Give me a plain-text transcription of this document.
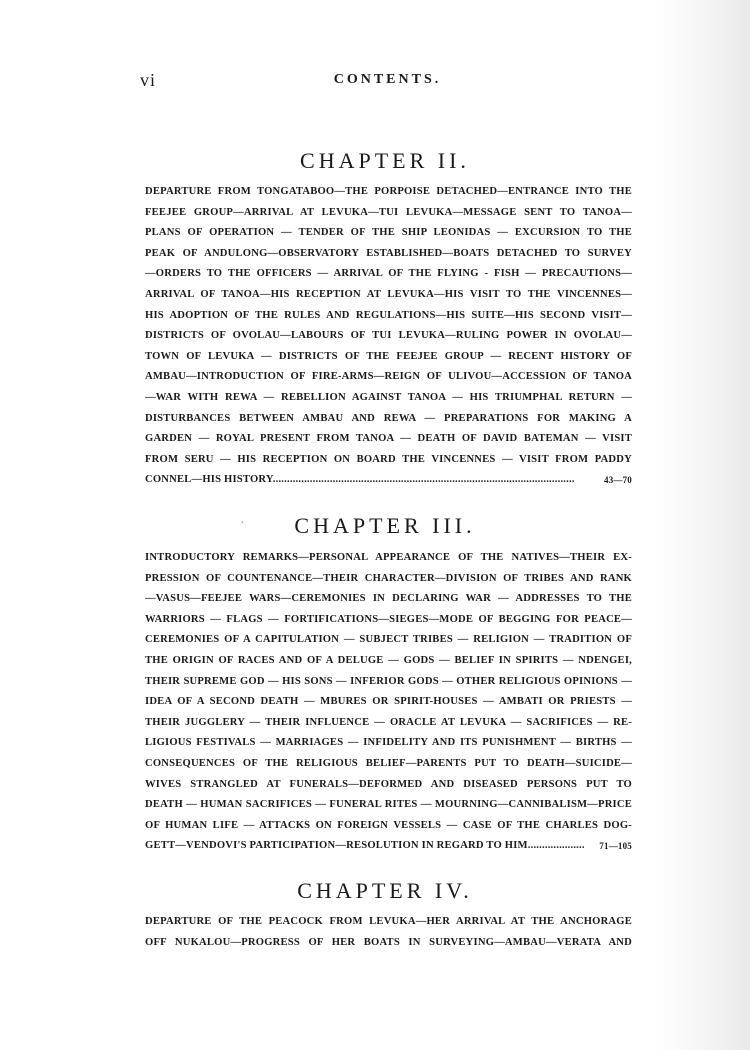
vi	CONTENTS.
CHAPTER II.
DEPARTURE FROM TONGATABOO—THE PORPOISE DETACHED—ENTRANCE INTO THE
FEEJEE GROUP—ARRIVAL AT LEVUKA—TUI LEVUKA—MESSAGE SENT TO TANOA—
PLANS OF OPERATION — TENDER OF THE SHIP LEONIDAS — EXCURSION TO THE
PEAK OF ANDULONG—OBSERVATORY ESTABLISHED—BOATS DETACHED TO SURVEY
—ORDERS TO THE OFFICERS — ARRIVAL OF THE FLYING - FISH — PRECAUTIONS—
ARRIVAL OF TANOA—HIS RECEPTION AT LEVUKA—HIS VISIT TO THE VINCENNES—
HIS ADOPTION OF THE RULES AND REGULATIONS—HIS SUITE—HIS SECOND VISIT—
DISTRICTS OF OVOLAU—LABOURS OF TUI LEVUKA—RULING POWER IN OVOLAU—
TOWN OF LEVUKA — DISTRICTS OF THE FEEJEE GROUP — RECENT HISTORY OF
AMBAU—INTRODUCTION OF FIRE-ARMS—REIGN OF ULIVOU—ACCESSION OF TANOA
—WAR WITH REWA — REBELLION AGAINST TANOA — HIS TRIUMPHAL RETURN —
DISTURBANCES BETWEEN AMBAU AND REWA — PREPARATIONS FOR MAKING A
GARDEN — ROYAL PRESENT FROM TANOA — DEATH OF DAVID BATEMAN — VISIT
FROM SERU — HIS RECEPTION ON BOARD THE VINCENNES — VISIT FROM PADDY
CONNEL—HIS HISTORY..........................................................................................................	43—70
·	CHAPTER III.
INTRODUCTORY REMARKS—PERSONAL APPEARANCE OF THE NATIVES—THEIR EX-
PRESSION OF COUNTENANCE—THEIR CHARACTER—DIVISION OF TRIBES AND RANK
—VASUS—FEEJEE WARS—CEREMONIES IN DECLARING WAR — ADDRESSES TO THE
WARRIORS — FLAGS — FORTIFICATIONS—SIEGES—MODE OF BEGGING FOR PEACE—
CEREMONIES OF A CAPITULATION — SUBJECT TRIBES — RELIGION — TRADITION OF
THE ORIGIN OF RACES AND OF A DELUGE — GODS — BELIEF IN SPIRITS — NDENGEI,
THEIR SUPREME GOD — HIS SONS — INFERIOR GODS — OTHER RELIGIOUS OPINIONS —
IDEA OF A SECOND DEATH — MBURES OR SPIRIT-HOUSES — AMBATI OR PRIESTS —
THEIR JUGGLERY — THEIR INFLUENCE — ORACLE AT LEVUKA — SACRIFICES — RE-
LIGIOUS FESTIVALS — MARRIAGES — INFIDELITY AND ITS PUNISHMENT — BIRTHS —
CONSEQUENCES OF THE RELIGIOUS BELIEF—PARENTS PUT TO DEATH—SUICIDE—
WIVES STRANGLED AT FUNERALS—DEFORMED AND DISEASED PERSONS PUT TO
DEATH — HUMAN SACRIFICES — FUNERAL RITES — MOURNING—CANNIBALISM—PRICE
OF HUMAN LIFE — ATTACKS ON FOREIGN VESSELS — CASE OF THE CHARLES DOG-
GETT—VENDOVI'S PARTICIPATION—RESOLUTION IN REGARD TO HIM.................... 71—105
CHAPTER IV.
DEPARTURE OF THE PEACOCK FROM LEVUKA—HER ARRIVAL AT THE ANCHORAGE
OFF NUKALOU—PROGRESS OF HER BOATS IN SURVEYING—AMBAU—VERATA AND
